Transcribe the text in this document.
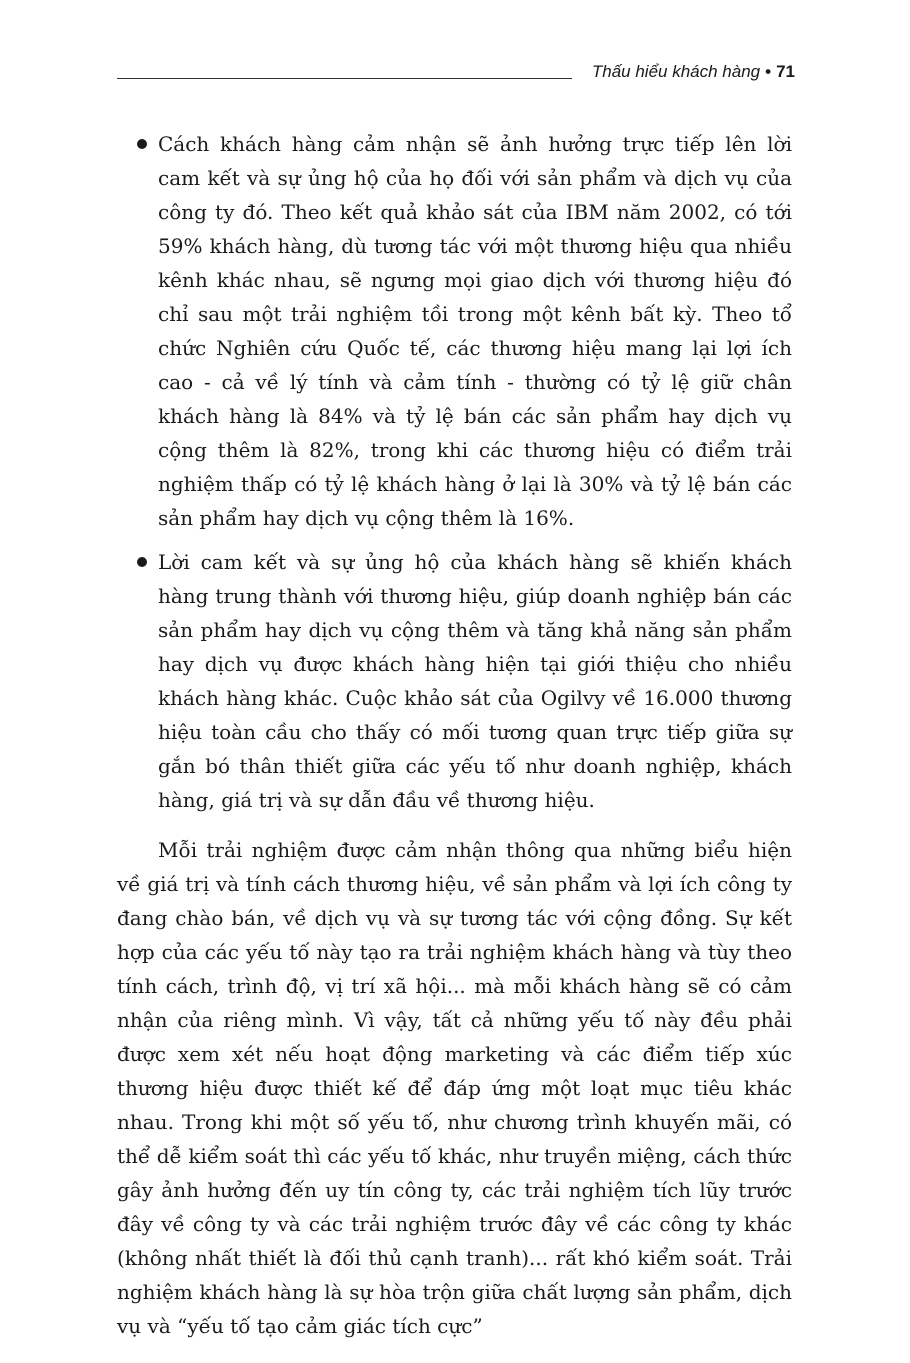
Thấu hiểu khách hàng • 71
Cách khách hàng cảm nhận sẽ ảnh hưởng trực tiếp lên lời cam kết và sự ủng hộ của họ đối với sản phẩm và dịch vụ của công ty đó. Theo kết quả khảo sát của IBM năm 2002, có tới 59% khách hàng, dù tương tác với một thương hiệu qua nhiều kênh khác nhau, sẽ ngưng mọi giao dịch với thương hiệu đó chỉ sau một trải nghiệm tồi trong một kênh bất kỳ. Theo tổ chức Nghiên cứu Quốc tế, các thương hiệu mang lại lợi ích cao - cả về lý tính và cảm tính - thường có tỷ lệ giữ chân khách hàng là 84% và tỷ lệ bán các sản phẩm hay dịch vụ cộng thêm là 82%, trong khi các thương hiệu có điểm trải nghiệm thấp có tỷ lệ khách hàng ở lại là 30% và tỷ lệ bán các sản phẩm hay dịch vụ cộng thêm là 16%.
Lời cam kết và sự ủng hộ của khách hàng sẽ khiến khách hàng trung thành với thương hiệu, giúp doanh nghiệp bán các sản phẩm hay dịch vụ cộng thêm và tăng khả năng sản phẩm hay dịch vụ được khách hàng hiện tại giới thiệu cho nhiều khách hàng khác. Cuộc khảo sát của Ogilvy về 16.000 thương hiệu toàn cầu cho thấy có mối tương quan trực tiếp giữa sự gắn bó thân thiết giữa các yếu tố như doanh nghiệp, khách hàng, giá trị và sự dẫn đầu về thương hiệu.

Mỗi trải nghiệm được cảm nhận thông qua những biểu hiện về giá trị và tính cách thương hiệu, về sản phẩm và lợi ích công ty đang chào bán, về dịch vụ và sự tương tác với cộng đồng. Sự kết hợp của các yếu tố này tạo ra trải nghiệm khách hàng và tùy theo tính cách, trình độ, vị trí xã hội... mà mỗi khách hàng sẽ có cảm nhận của riêng mình. Vì vậy, tất cả những yếu tố này đều phải được xem xét nếu hoạt động marketing và các điểm tiếp xúc thương hiệu được thiết kế để đáp ứng một loạt mục tiêu khác nhau. Trong khi một số yếu tố, như chương trình khuyến mãi, có thể dễ kiểm soát thì các yếu tố khác, như truyền miệng, cách thức gây ảnh hưởng đến uy tín công ty, các trải nghiệm tích lũy trước đây về công ty và các trải nghiệm trước đây về các công ty khác (không nhất thiết là đối thủ cạnh tranh)... rất khó kiểm soát. Trải nghiệm khách hàng là sự hòa trộn giữa chất lượng sản phẩm, dịch vụ và “yếu tố tạo cảm giác tích cực”
